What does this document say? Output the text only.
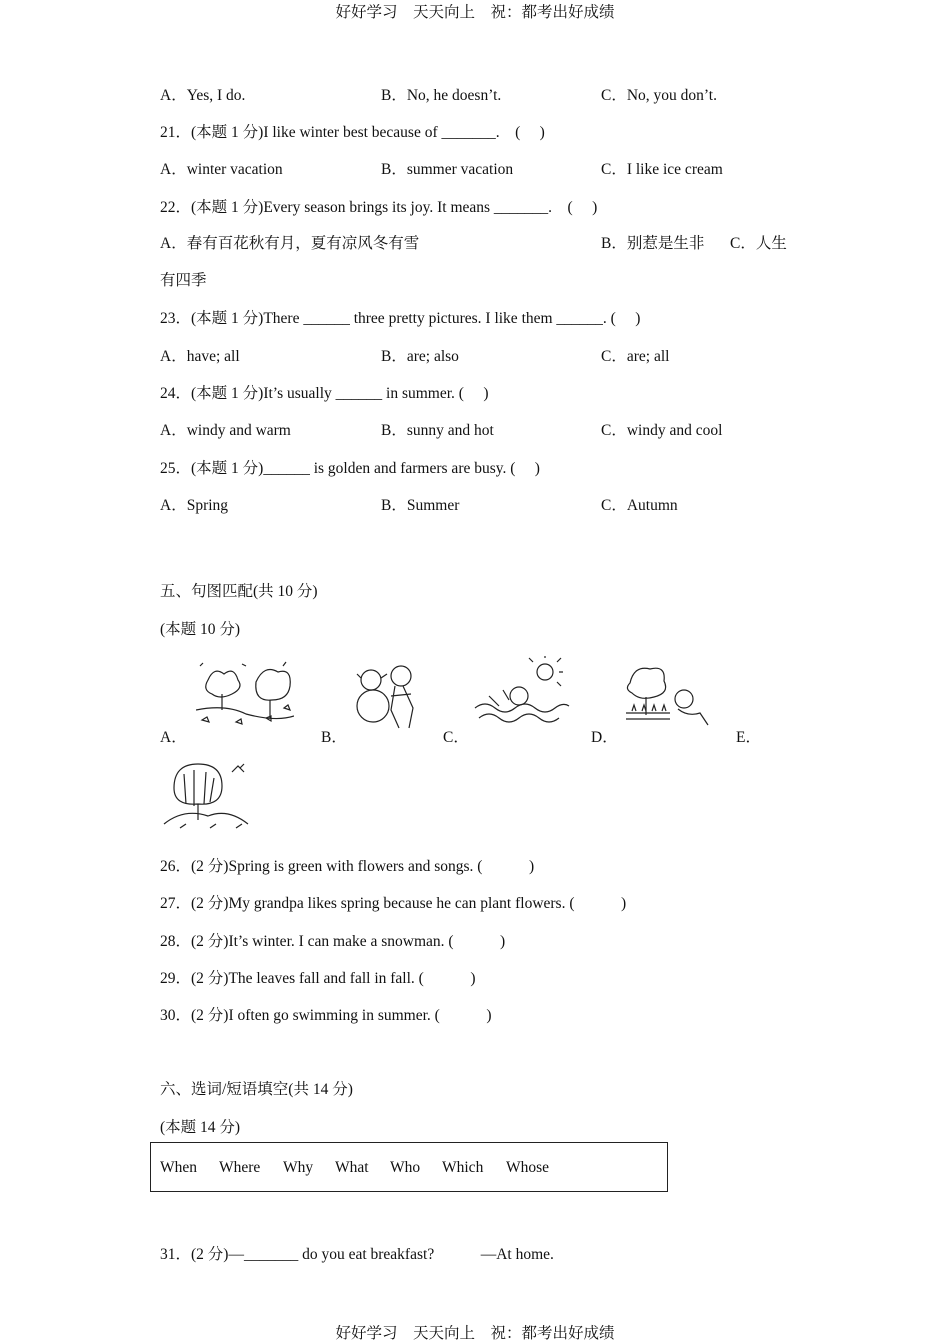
好好学习　天天向上　祝：都考出好成绩
A．Yes, I do.	B．No, he doesn’t.	C．No, you don’t.
21．(本题 1 分)I like winter best because of _______.　(　 )
A．winter vacation	B．summer vacation	C．I like ice cream
22．(本题 1 分)Every season brings its joy. It means _______.　(　 )
A．春有百花秋有月，夏有凉风冬有雪	B．别惹是生非 C．人生
有四季
23．(本题 1 分)There ______ three pretty pictures. I like them ______. (　 )
A．have; all	B．are; also	C．are; all
24．(本题 1 分)It’s usually ______ in summer. (　 )
A．windy and warm	B．sunny and hot	C．windy and cool
25．(本题 1 分)______ is golden and farmers are busy. (　 )
A．Spring	B．Summer	C．Autumn
五、句图匹配(共 10 分)
(本题 10 分)
A．	B．	C．	D．	E．
26．(2 分)Spring is green with flowers and songs. (　　　)
27．(2 分)My grandpa likes spring because he can plant flowers. (　　　)
28．(2 分)It’s winter. I can make a snowman. (　　　)
29．(2 分)The leaves fall and fall in fall. (　　　)
30．(2 分)I often go swimming in summer. (　　　)
六、选词/短语填空(共 14 分)
(本题 14 分)
When Where Why What Who Which Whose
31．(2 分)—_______ do you eat breakfast?　　　—At home.
好好学习　天天向上　祝：都考出好成绩
